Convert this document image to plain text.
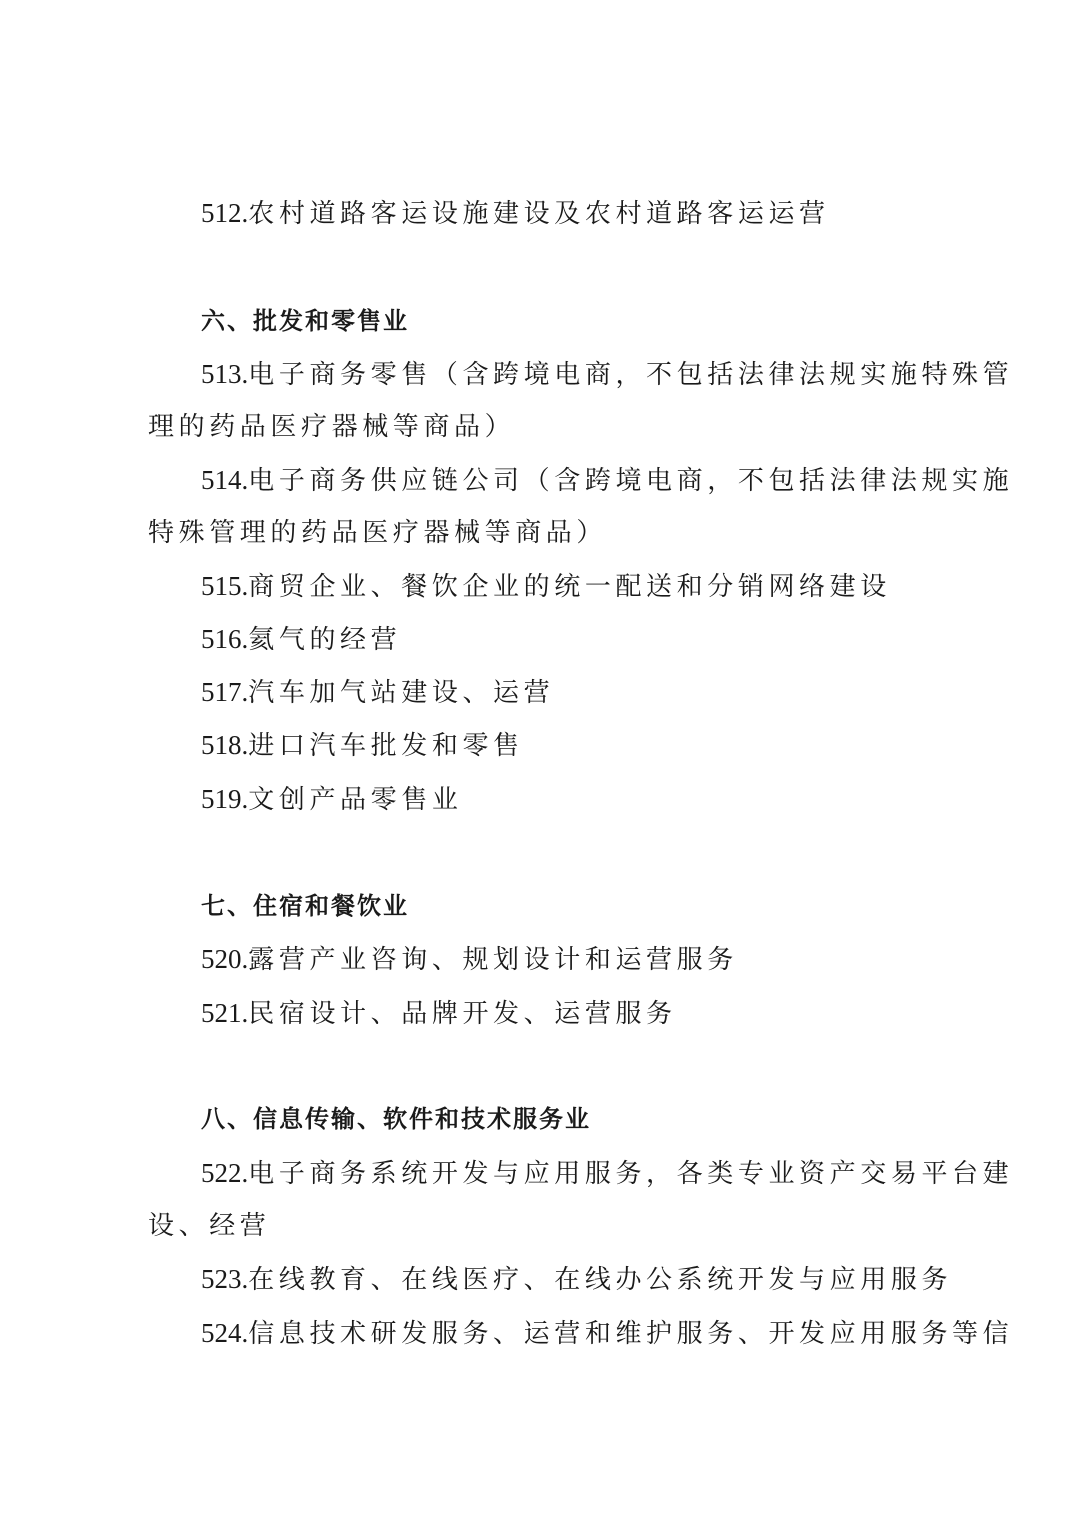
512.农村道路客运设施建设及农村道路客运运营
六、批发和零售业
513.电子商务零售（含跨境电商，不包括法律法规实施特殊管
理的药品医疗器械等商品）
514.电子商务供应链公司（含跨境电商，不包括法律法规实施
特殊管理的药品医疗器械等商品）
515.商贸企业、餐饮企业的统一配送和分销网络建设
516.氦气的经营
517.汽车加气站建设、运营
518.进口汽车批发和零售
519.文创产品零售业
七、住宿和餐饮业
520.露营产业咨询、规划设计和运营服务
521.民宿设计、品牌开发、运营服务
八、信息传输、软件和技术服务业
522.电子商务系统开发与应用服务，各类专业资产交易平台建
设、经营
523.在线教育、在线医疗、在线办公系统开发与应用服务
524.信息技术研发服务、运营和维护服务、开发应用服务等信
